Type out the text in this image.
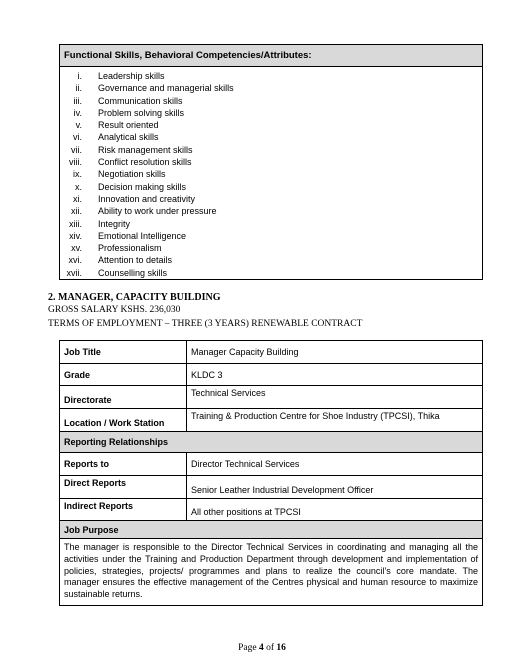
Functional Skills, Behavioral Competencies/Attributes:
i. Leadership skills
ii. Governance and managerial skills
iii. Communication skills
iv. Problem solving skills
v. Result oriented
vi. Analytical skills
vii. Risk management skills
viii. Conflict resolution skills
ix. Negotiation skills
x. Decision making skills
xi. Innovation and creativity
xii. Ability to work under pressure
xiii. Integrity
xiv. Emotional Intelligence
xv. Professionalism
xvi. Attention to details
xvii. Counselling skills
2. MANAGER, CAPACITY BUILDING
GROSS SALARY KSHS. 236,030
TERMS OF EMPLOYMENT – THREE (3 YEARS) RENEWABLE CONTRACT
Job Title	Manager Capacity Building
Grade	KLDC 3
Directorate	Technical Services
Location / Work Station	Training & Production Centre for Shoe Industry (TPCSI), Thika
Reporting Relationships	
Reports to	Director Technical Services
Direct Reports	Senior Leather Industrial Development Officer
Indirect Reports	All other positions at TPCSI
Job Purpose	
The manager is responsible to the Director Technical Services in coordinating and managing all the activities under the Training and Production Department through development and implementation of policies, strategies, projects/ programmes and plans to realize the council’s core mandate. The manager ensures the effective management of the Centres physical and human resource to maximize sustainable returns.	
Page 4 of 16
